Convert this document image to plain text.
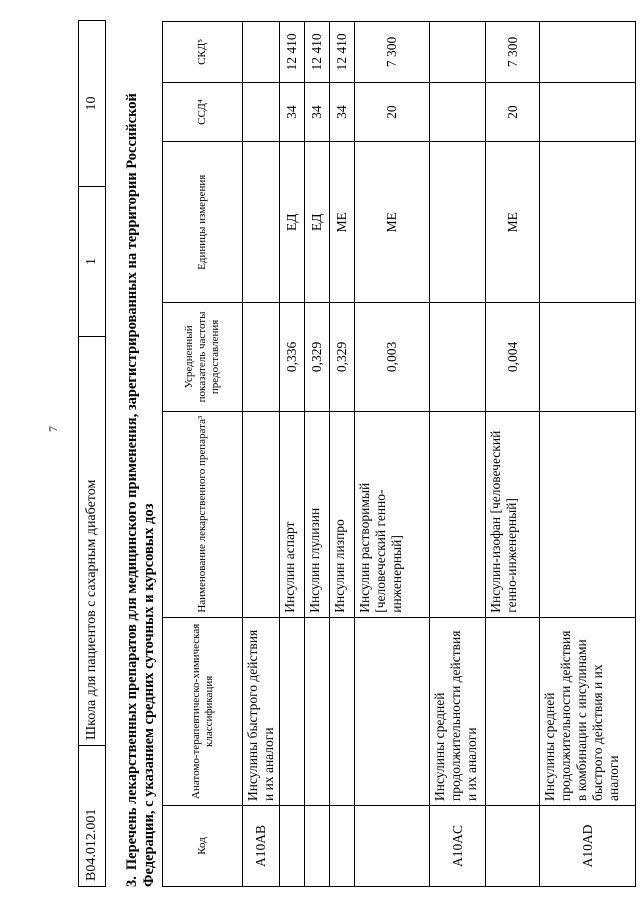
7
B04.012.001	Школа для пациентов с сахарным диабетом	1	10
3.Перечень лекарственных препаратов для медицинского применения, зарегистрированных на территории Российской Федерации, с указанием средних суточных и курсовых доз	Код	Анатомо-терапевтическо-химическая классификация	Наименование лекарственного препарата³	Усредненный показатель частоты предоставления	Единицы измерения	ССД⁴	СКД⁵
A10AB	Инсулины быстрого действия и их аналоги					
		Инсулин аспарт	0,336	ЕД	34	12 410
		Инсулин глулизин	0,329	ЕД	34	12 410
		Инсулин лизпро	0,329	МЕ	34	12 410
		Инсулин растворимый [человеческий генно-инженерный]	0,003	МЕ	20	7 300
A10AC	Инсулины средней продолжительности действия и их аналоги					
		Инсулин-изофан [человеческий генно-инженерный]	0,004	МЕ	20	7 300
A10AD	Инсулины средней продолжительности действия в комбинации с инсулинами быстрого действия и их аналоги					
